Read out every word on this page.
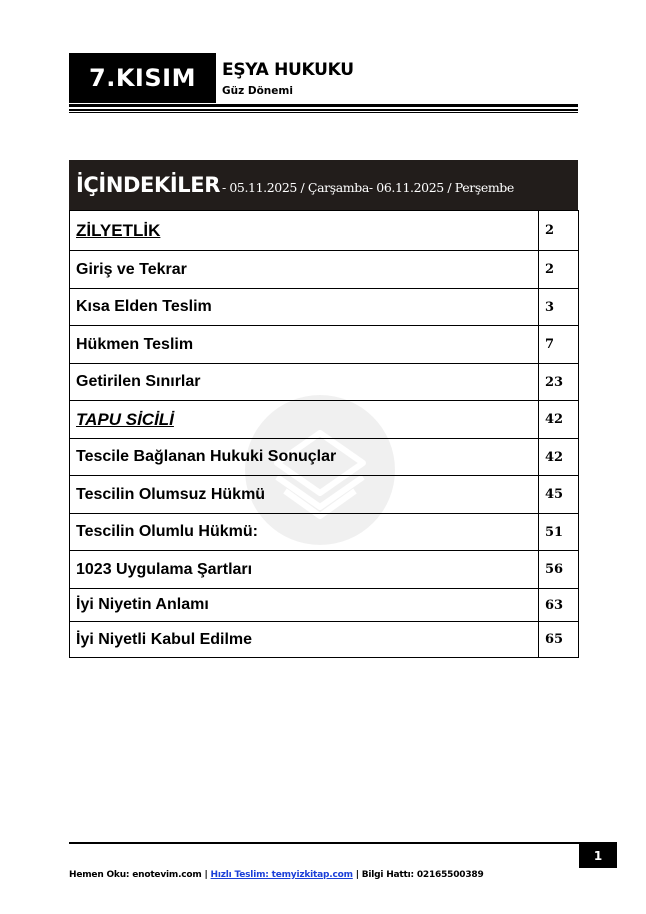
7.KISIM	EŞYA HUKUKU
Güz Dönemi
İÇİNDEKİLER - 05.11.2025 / Çarşamba- 06.11.2025 / Perşembe
ZİLYETLİK	2
Giriş ve Tekrar	2
Kısa Elden Teslim	3
Hükmen Teslim	7
Getirilen Sınırlar	23
TAPU SİCİLİ	42
Tescile Bağlanan Hukuki Sonuçlar	42
Tescilin Olumsuz Hükmü	45
Tescilin Olumlu Hükmü:	51
1023 Uygulama Şartları	56
İyi Niyetin Anlamı	63
İyi Niyetli Kabul Edilme	65
1
Hemen Oku: enotevim.com | Hızlı Teslim: temyizkitap.com | Bilgi Hattı: 02165500389
